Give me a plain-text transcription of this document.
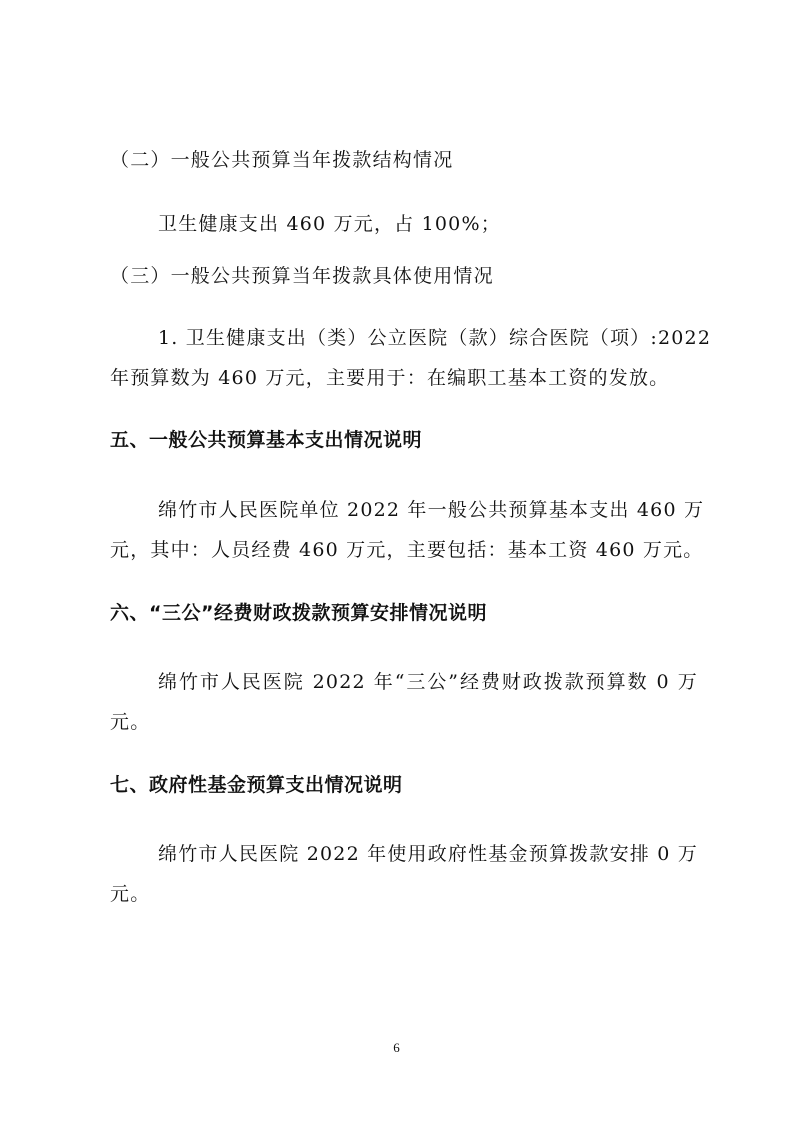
（二）一般公共预算当年拨款结构情况
卫生健康支出 460 万元，占 100%；
（三）一般公共预算当年拨款具体使用情况
1. 卫生健康支出（类）公立医院（款）综合医院（项）:2022
年预算数为 460 万元，主要用于：在编职工基本工资的发放。
五、一般公共预算基本支出情况说明
绵竹市人民医院单位 2022 年一般公共预算基本支出 460 万
元，其中：人员经费 460 万元，主要包括：基本工资 460 万元。
六、“三公”经费财政拨款预算安排情况说明
绵竹市人民医院 2022 年“三公”经费财政拨款预算数 0 万
元。
七、政府性基金预算支出情况说明
绵竹市人民医院 2022 年使用政府性基金预算拨款安排 0 万
元。
6
